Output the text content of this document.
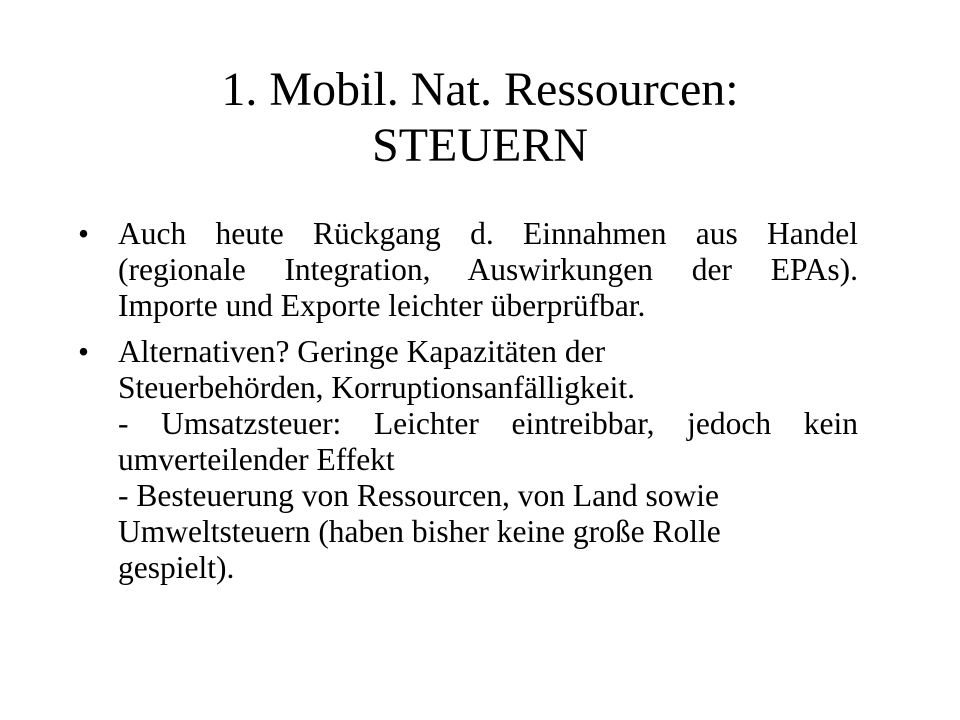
1. Mobil. Nat. Ressourcen:
STEUERN
• Auch heute Rückgang d. Einnahmen aus Handel
(regionale Integration, Auswirkungen der EPAs).
Importe und Exporte leichter überprüfbar.
• Alternativen? Geringe Kapazitäten der
Steuerbehörden, Korruptionsanfälligkeit.
- Umsatzsteuer: Leichter eintreibbar, jedoch kein
umverteilender Effekt
- Besteuerung von Ressourcen, von Land sowie
Umweltsteuern (haben bisher keine große Rolle
gespielt).
